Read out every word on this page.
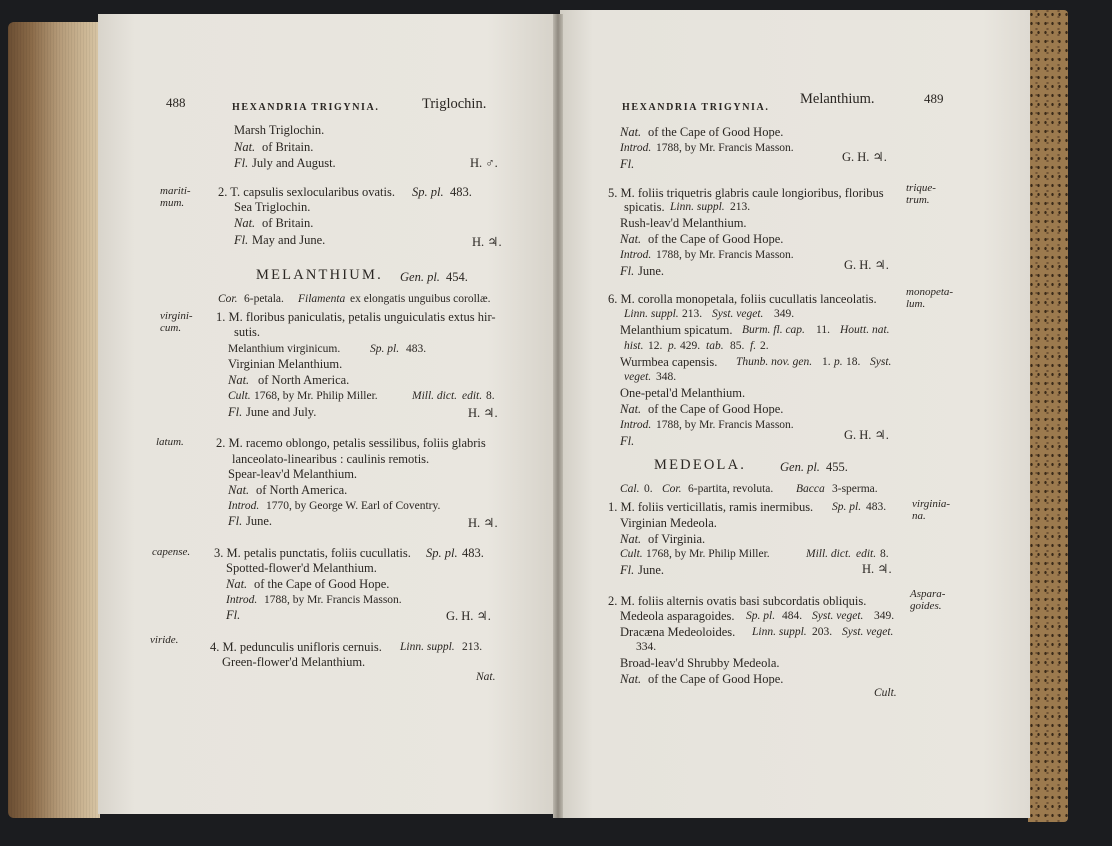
488	HEXANDRIA TRIGYNIA.	Triglochin.	HEXANDRIA TRIGYNIA.
Melanthium.	489
MELANTHIUM. Gen. pl. 454.
MEDEOLA.	Gen. pl. 455.
Marsh Triglochin.
Nat. of Britain.
Fl. July and August.	H. ♂.
2. T. capsulis sexlocularibus ovatis. Sp. pl. 483.
Sea Triglochin.
Nat. of Britain.
Fl. May and June.	H. ♃.
Cor. 6-petala. Filamenta ex elongatis unguibus corollæ.
1. M. floribus paniculatis, petalis unguiculatis extus hir-
sutis.
Melanthium virginicum.	Sp. pl. 483.
Virginian Melanthium.
Nat. of North America.
Cult. 1768, by Mr. Philip Miller.	Mill. dict. edit. 8.
Fl. June and July.	H. ♃.
2. M. racemo oblongo, petalis sessilibus, foliis glabris
lanceolato-linearibus : caulinis remotis.
Spear-leav'd Melanthium.
Nat. of North America.
Introd. 1770, by George W. Earl of Coventry.
Fl. June.	H. ♃.
3. M. petalis punctatis, foliis cucullatis. Sp. pl. 483.
Spotted-flower'd Melanthium.
Nat. of the Cape of Good Hope.
Introd. 1788, by Mr. Francis Masson.
Fl.	G. H. ♃.
4. M. pedunculis unifloris cernuis. Linn. suppl. 213.
Green-flower'd Melanthium.
Nat.
mariti-
mum.
virgini-
cum.
latum.
capense.
viride.
Nat. of the Cape of Good Hope.
Introd. 1788, by Mr. Francis Masson.
Fl.	G. H. ♃.
5. M. foliis triquetris glabris caule longioribus, floribus
spicatis. Linn. suppl. 213.
Rush-leav'd Melanthium.
Nat. of the Cape of Good Hope.
Introd. 1788, by Mr. Francis Masson.
Fl. June.	G. H. ♃.
6. M. corolla monopetala, foliis cucullatis lanceolatis.
Linn. suppl. 213. Syst. veget. 349.
Melanthium spicatum. Burm. fl. cap. 11. Houtt. nat.
hist. 12. p. 429. tab. 85. f. 2.
Wurmbea capensis. Thunb. nov. gen. 1. p. 18. Syst.
veget. 348.
One-petal'd Melanthium.
Nat. of the Cape of Good Hope.
Introd. 1788, by Mr. Francis Masson.
Fl.	G. H. ♃.
Cal. 0. Cor. 6-partita, revoluta. Bacca 3-sperma.
1. M. foliis verticillatis, ramis inermibus. Sp. pl. 483.
Virginian Medeola.
Nat. of Virginia.
Cult. 1768, by Mr. Philip Miller.	Mill. dict. edit. 8.
Fl. June.	H. ♃.
2. M. foliis alternis ovatis basi subcordatis obliquis.
Medeola asparagoides. Sp. pl. 484. Syst. veget. 349.
Dracæna Medeoloides. Linn. suppl. 203. Syst. veget.
334.
Broad-leav'd Shrubby Medeola.
Nat. of the Cape of Good Hope.
Cult.
trique-
trum.
monopeta-
lum.
virginia-
na.
Aspara-
goides.
